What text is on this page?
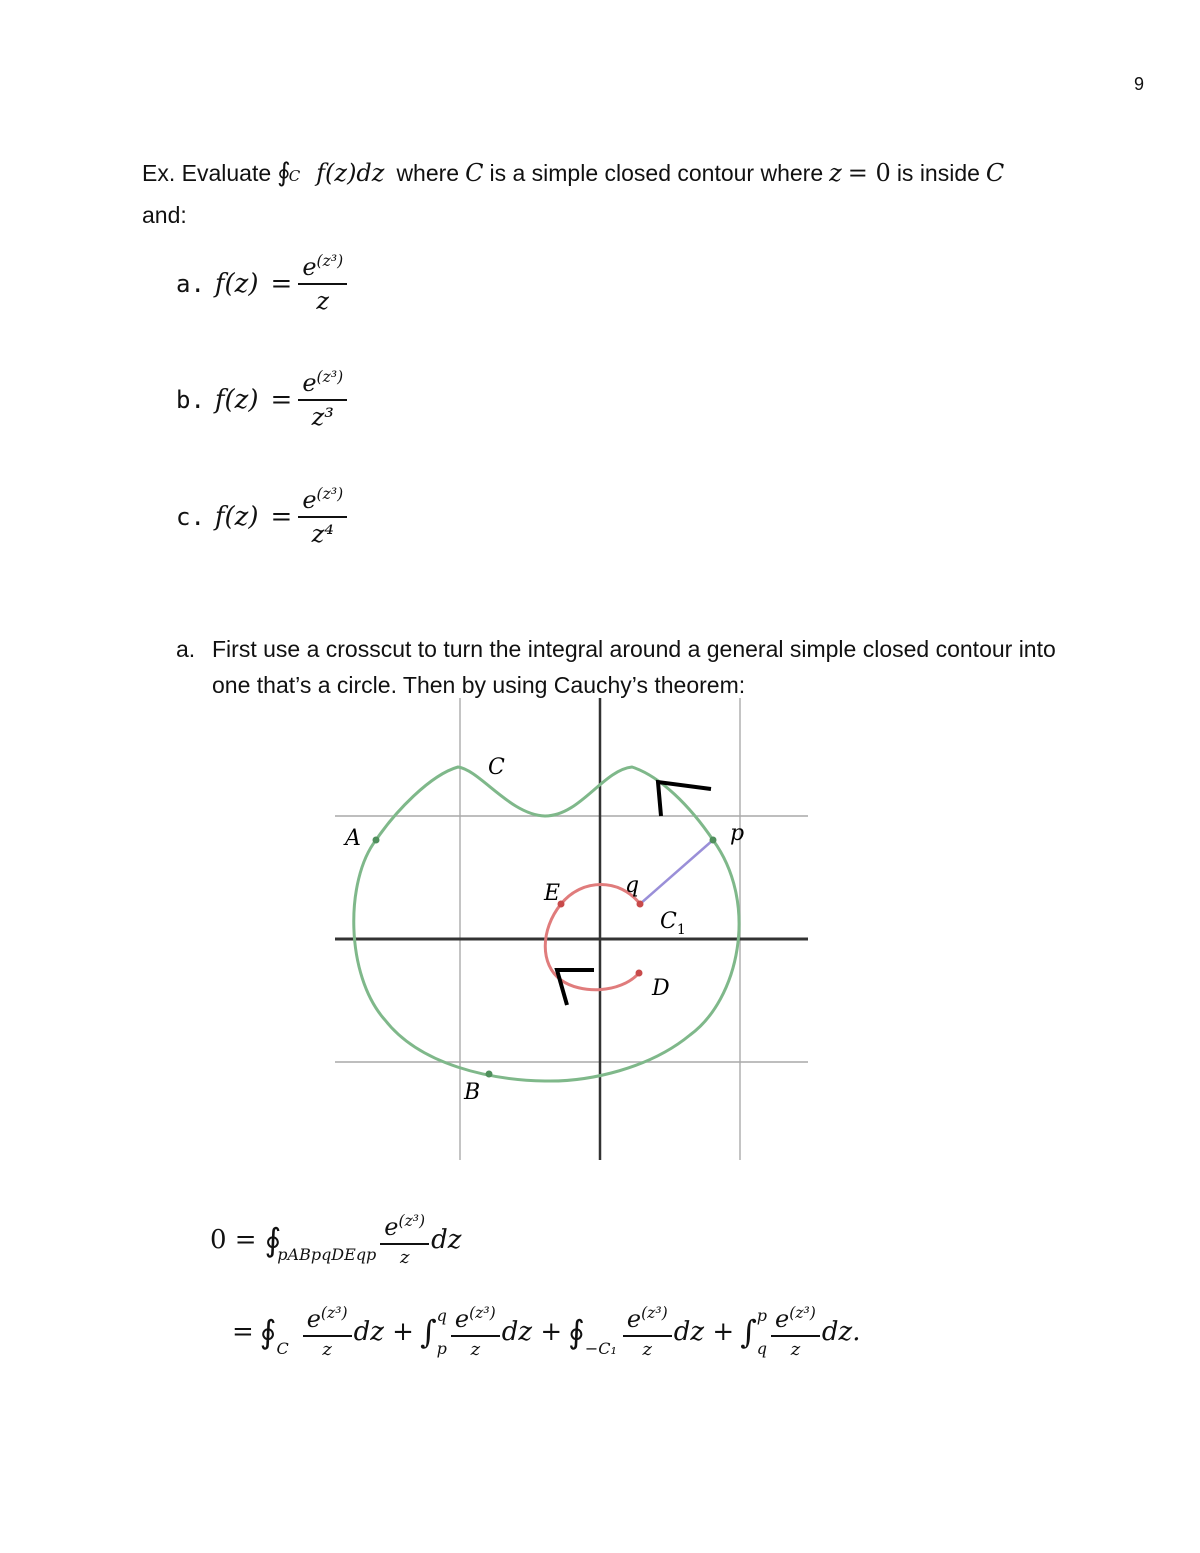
9
Ex. Evaluate ∮
C f(z)dz where C is a simple closed contour where z = 0 is inside C
and:
a. $f(z) = \frac{e^{(z^3)}}{z}$
b. $f(z) = \frac{e^{(z^3)}}{\text{z³}}$
c. $f(z) = \frac{e^{(z^3)}}{\text{z⁴}}$
a. First use a crosscut to turn the integral around a general simple closed contour into
one that’s a circle. Then by using Cauchy’s theorem:
C
A	p
E	q
$C_1$
D
B
0 = ∮
pABpqDEqp $\frac{e^{(z^3)}}{z}$ dz
= ∮ C $\frac{e^{(z^3)}}{z}$ dz + ∫ q
p $\frac{e^{(z^3)}}{z}$ dz + ∮ $-C_1 \frac{e^{(z^3)}}{z}$ dz + ∫ p
q $\frac{e^{(z^3)}}{z}$ dz.
